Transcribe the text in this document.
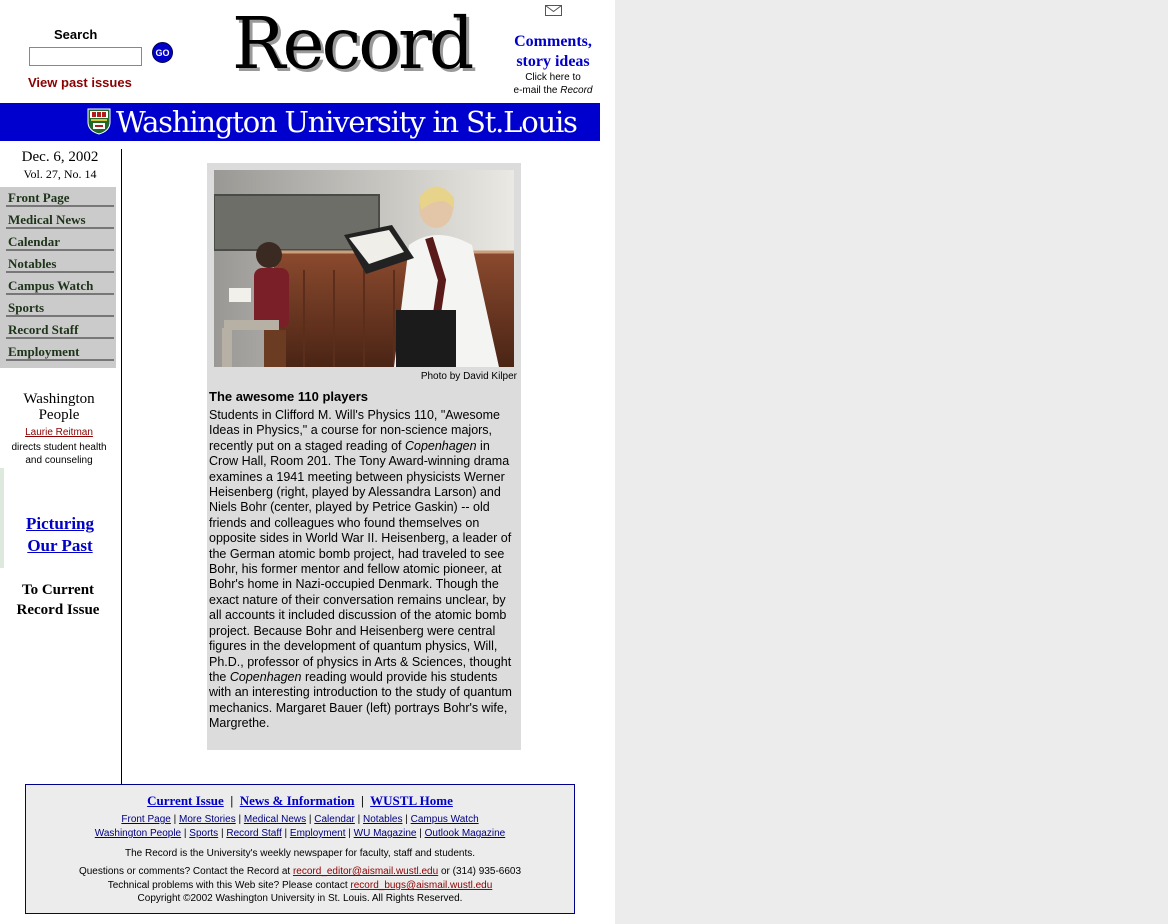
Search
GO
View past issues Record	Comments,
story ideas
Click here to
e-mail the Record
Washington University in St.Louis
Dec. 6, 2002
Vol. 27, No. 14
Front Page
Medical News
Calendar
Notables
Campus Watch
Sports
Record Staff
Employment
Washington
People
Laurie Reitman
directs student health
and counseling
Picturing
Our Past
To Current
Record Issue
Photo by David Kilper
The awesome 110 players
Students in Clifford M. Will's Physics 110, "Awesome Ideas in Physics," a course for non-science majors, recently put on a staged reading of Copenhagen in Crow Hall, Room 201. The Tony Award-winning drama examines a 1941 meeting between physicists Werner Heisenberg (right, played by Alessandra Larson) and Niels Bohr (center, played by Petrice Gaskin) -- old friends and colleagues who found themselves on opposite sides in World War II. Heisenberg, a leader of the German atomic bomb project, had traveled to see Bohr, his former mentor and fellow atomic pioneer, at Bohr's home in Nazi-occupied Denmark. Though the exact nature of their conversation remains unclear, by all accounts it included discussion of the atomic bomb project. Because Bohr and Heisenberg were central figures in the development of quantum physics, Will, Ph.D., professor of physics in Arts & Sciences, thought the Copenhagen reading would provide his students with an interesting introduction to the study of quantum mechanics. Margaret Bauer (left) portrays Bohr's wife, Margrethe.
Current Issue  |  News & Information  |  WUSTL Home
Front Page | More Stories | Medical News | Calendar | Notables | Campus Watch
Washington People | Sports | Record Staff | Employment | WU Magazine | Outlook Magazine
The Record is the University's weekly newspaper for faculty, staff and students.
Questions or comments? Contact the Record at record_editor@aismail.wustl.edu or (314) 935-6603
Technical problems with this Web site? Please contact record_bugs@aismail.wustl.edu
Copyright ©2002 Washington University in St. Louis. All Rights Reserved.
